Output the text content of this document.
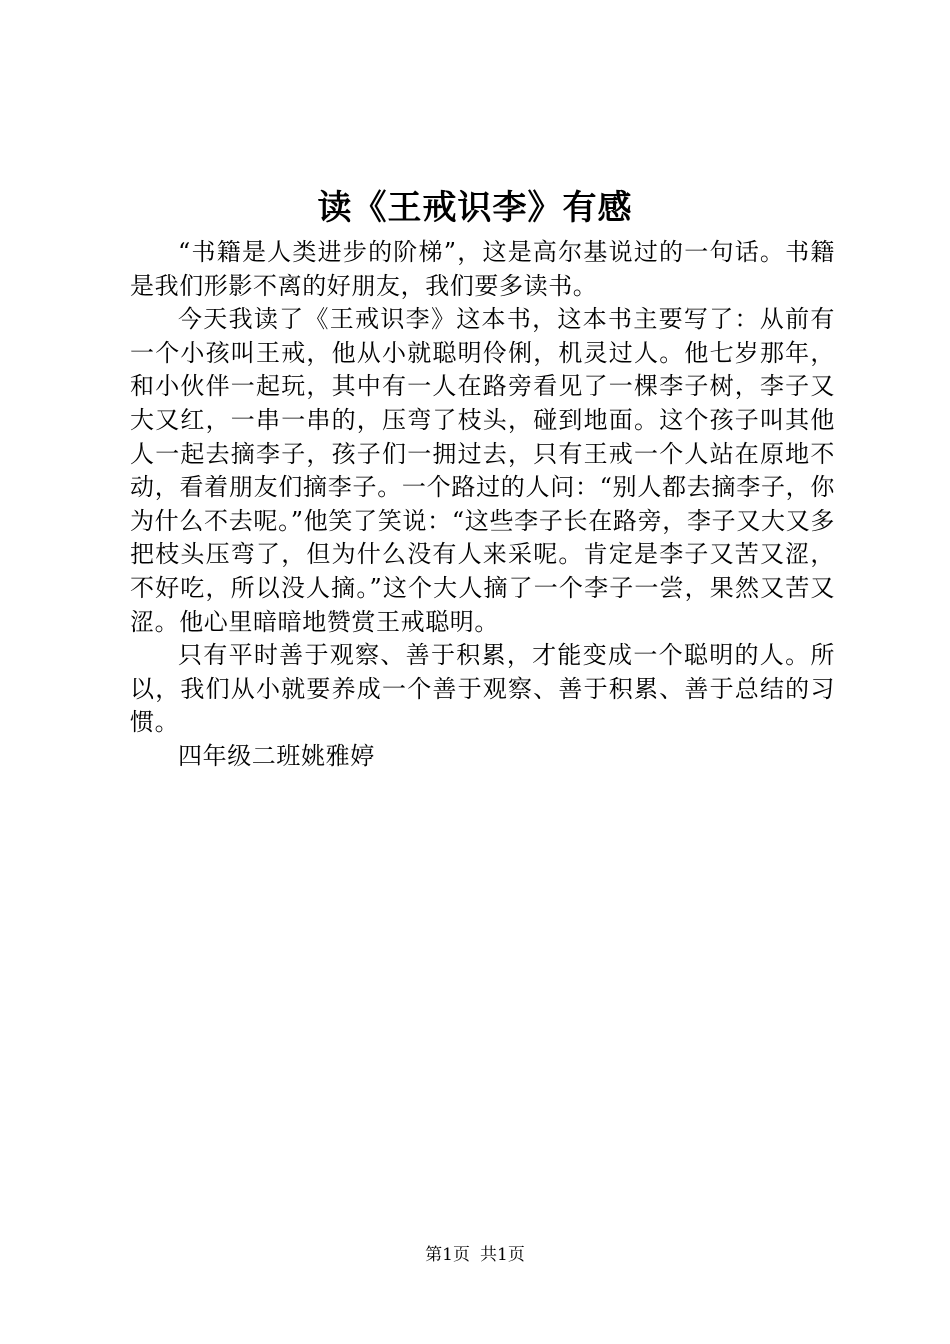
读《王戒识李》有感

“书籍是人类进步的阶梯”，这是高尔基说过的一句话。书籍是我们形影不离的好朋友，我们要多读书。

今天我读了《王戒识李》这本书，这本书主要写了：从前有一个小孩叫王戒，他从小就聪明伶俐，机灵过人。他七岁那年，和小伙伴一起玩，其中有一人在路旁看见了一棵李子树，李子又大又红，一串一串的，压弯了枝头，碰到地面。这个孩子叫其他人一起去摘李子，孩子们一拥过去，只有王戒一个人站在原地不动，看着朋友们摘李子。一个路过的人问：“别人都去摘李子，你为什么不去呢。”他笑了笑说：“这些李子长在路旁，李子又大又多把枝头压弯了，但为什么没有人来采呢。肯定是李子又苦又涩，不好吃，所以没人摘。”这个大人摘了一个李子一尝，果然又苦又涩。他心里暗暗地赞赏王戒聪明。

只有平时善于观察、善于积累，才能变成一个聪明的人。所以，我们从小就要养成一个善于观察、善于积累、善于总结的习惯。

四年级二班姚雅婷

第1页 共1页
